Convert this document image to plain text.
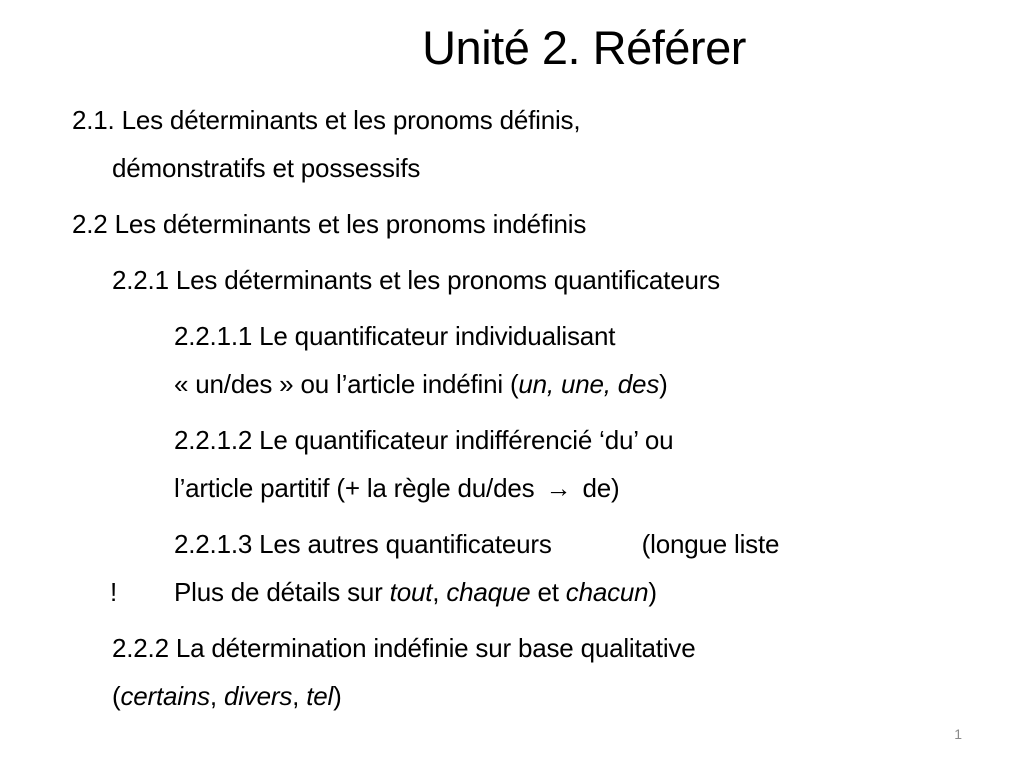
Unité 2. Référer
2.1. Les déterminants et les pronoms définis,
démonstratifs et possessifs
2.2 Les déterminants et les pronoms indéfinis
2.2.1 Les déterminants et les pronoms quantificateurs
2.2.1.1 Le quantificateur individualisant
« un/des » ou l’article indéfini (un, une, des)
2.2.1.2 Le quantificateur indifférencié ‘du’ ou
l’article partitif (+ la règle du/des → de)
2.2.1.3 Les autres quantificateurs	(longue liste
! Plus de détails sur tout, chaque et chacun)
2.2.2 La détermination indéfinie sur base qualitative
(certains, divers, tel)
1
